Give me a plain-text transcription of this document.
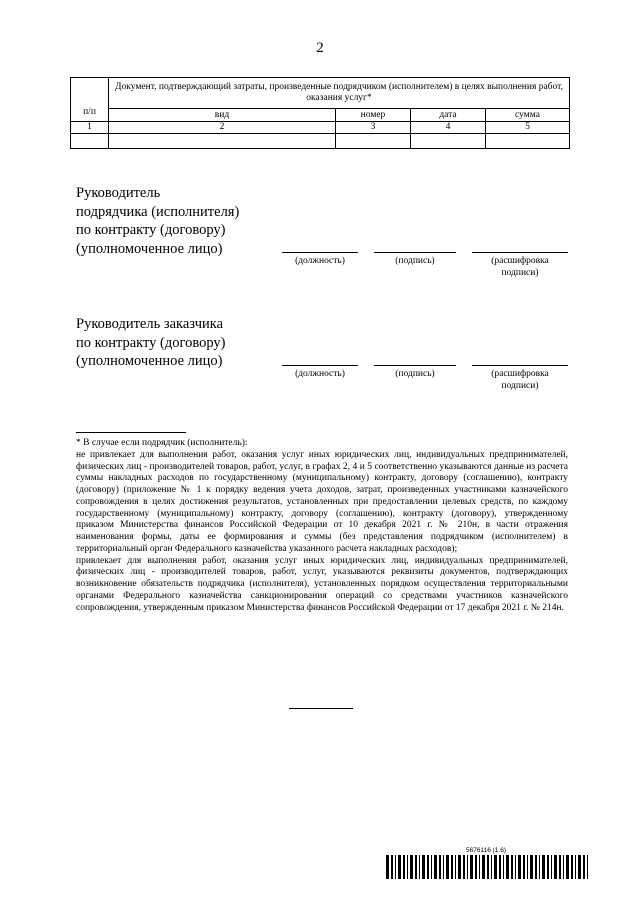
2
п/п	Документ, подтверждающий затраты, произведенные подрядчиком (исполнителем) в целях выполнения работ, оказания услуг*			
	вид	номер	дата	сумма
1	2	3	4	5

Руководитель
подрядчика (исполнителя)
по контракту (договору)
(уполномоченное лицо)
(должность)	(подпись)	(расшифровка подписи)
Руководитель заказчика
по контракту (договору)
(уполномоченное лицо)
(должность)	(подпись)	(расшифровка подписи)

* В случае если подрядчик (исполнитель):

не привлекает для выполнения работ, оказания услуг иных юридических лиц, индивидуальных предпринимателей, физических лиц - производителей товаров, работ, услуг, в графах 2, 4 и 5 соответственно указываются данные из расчета суммы накладных расходов по государственному (муниципальному) контракту, договору (соглашению), контракту (договору) (приложение № 1 к порядку ведения учета доходов, затрат, произведенных участниками казначейского сопровождения в целях достижения результатов, установленных при предоставлении целевых средств, по каждому государственному (муниципальному) контракту, договору (соглашению), контракту (договору), утвержденному приказом Министерства финансов Российской Федерации от 10 декабря 2021 г. № 210н, в части отражения наименования формы, даты ее формирования и суммы (без представления подрядчиком (исполнителем) в территориальный орган Федерального казначейства указанного расчета накладных расходов);

привлекает для выполнения работ, оказания услуг иных юридических лиц, индивидуальных предпринимателей, физических лиц - производителей товаров, работ, услуг, указываются реквизиты документов, подтверждающих возникновение обязательств подрядчика (исполнителя), установленных порядком осуществления территориальными органами Федерального казначейства санкционирования операций со средствами участников казначейского сопровождения, утвержденным приказом Министерства финансов Российской Федерации от 17 декабря 2021 г. № 214н.

5676116 (1.6)
